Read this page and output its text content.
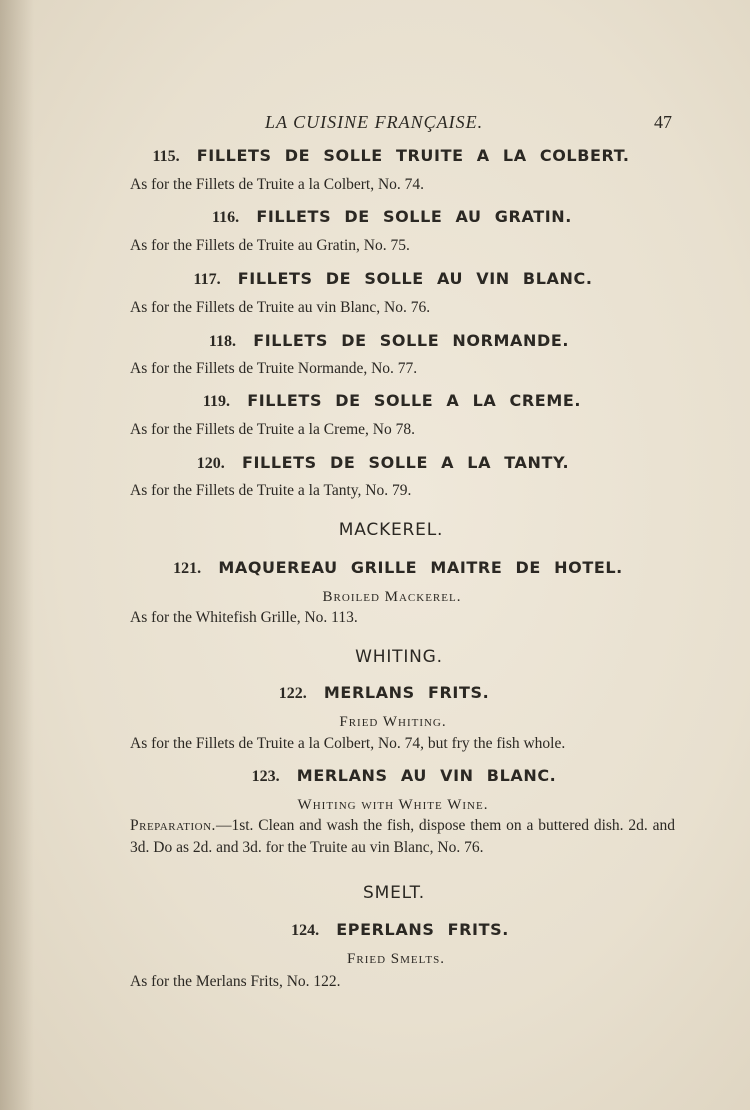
LA CUISINE FRANÇAISE.	47
115. FILLETS DE SOLLE TRUITE A LA COLBERT.
As for the Fillets de Truite a la Colbert, No. 74.
116. FILLETS DE SOLLE AU GRATIN.
As for the Fillets de Truite au Gratin, No. 75.
117. FILLETS DE SOLLE AU VIN BLANC.
As for the Fillets de Truite au vin Blanc, No. 76.
118. FILLETS DE SOLLE NORMANDE.
As for the Fillets de Truite Normande, No. 77.
119. FILLETS DE SOLLE A LA CREME.
As for the Fillets de Truite a la Creme, No 78.
120. FILLETS DE SOLLE A LA TANTY.
As for the Fillets de Truite a la Tanty, No. 79.
MACKEREL.
121. MAQUEREAU GRILLE MAITRE DE HOTEL.
Broiled Mackerel.
As for the Whitefish Grille, No. 113.
WHITING.
122. MERLANS FRITS.
Fried Whiting.
As for the Fillets de Truite a la Colbert, No. 74, but fry the fish whole.
123. MERLANS AU VIN BLANC.
Whiting with White Wine.
Preparation.—1st. Clean and wash the fish, dispose them on a buttered dish. 2d. and 3d. Do as 2d. and 3d. for the Truite au vin Blanc, No. 76.
SMELT.
124. EPERLANS FRITS.
Fried Smelts.
As for the Merlans Frits, No. 122.
